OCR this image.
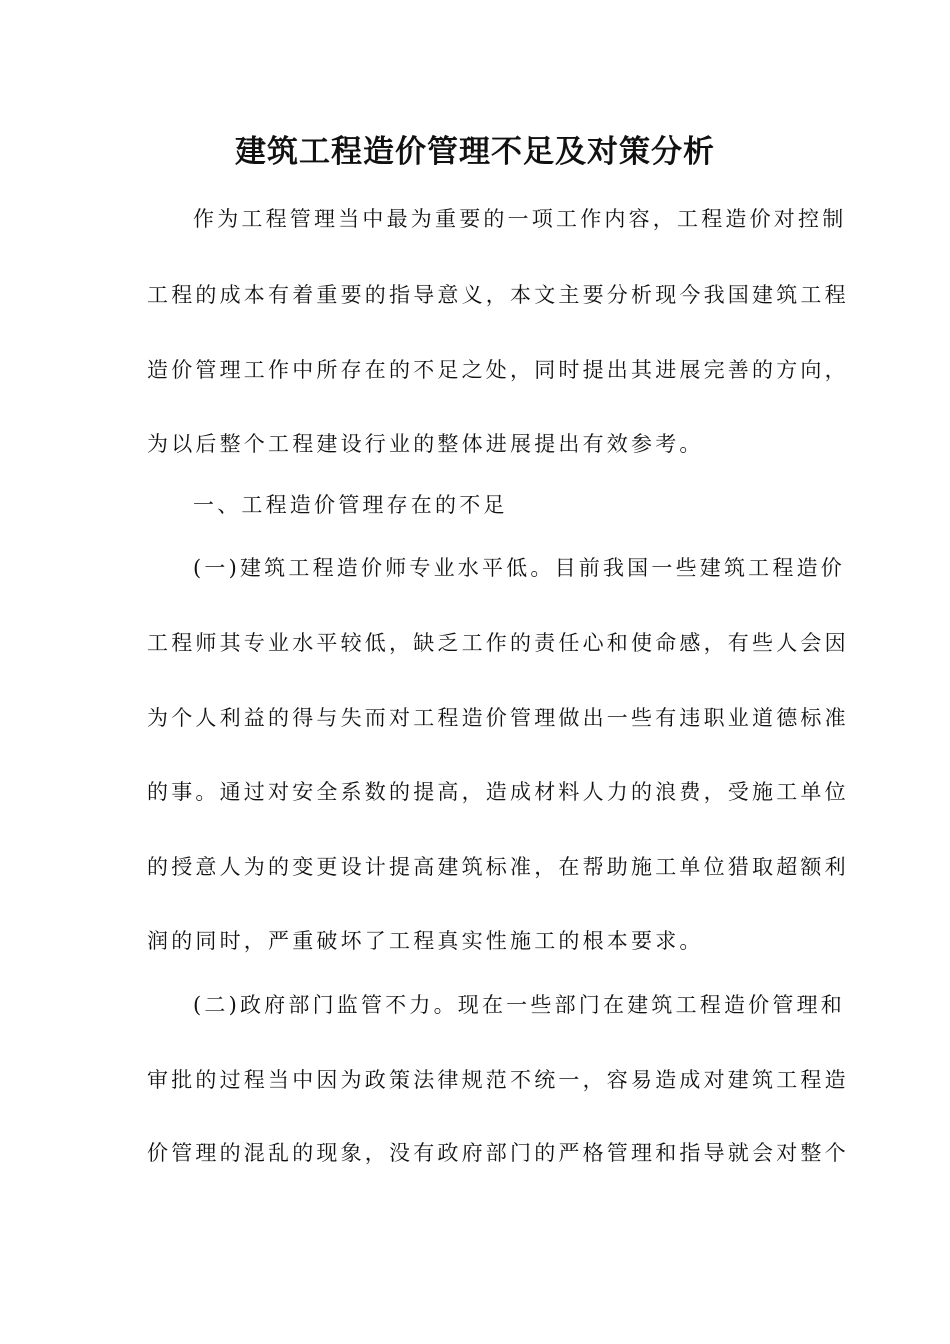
建筑工程造价管理不足及对策分析
作为工程管理当中最为重要的一项工作内容，工程造价对控制
工程的成本有着重要的指导意义，本文主要分析现今我国建筑工程
造价管理工作中所存在的不足之处，同时提出其进展完善的方向，
为以后整个工程建设行业的整体进展提出有效参考。
一、工程造价管理存在的不足
(一)建筑工程造价师专业水平低。目前我国一些建筑工程造价
工程师其专业水平较低，缺乏工作的责任心和使命感，有些人会因
为个人利益的得与失而对工程造价管理做出一些有违职业道德标准
的事。通过对安全系数的提高，造成材料人力的浪费，受施工单位
的授意人为的变更设计提高建筑标准，在帮助施工单位猎取超额利
润的同时，严重破坏了工程真实性施工的根本要求。
(二)政府部门监管不力。现在一些部门在建筑工程造价管理和
审批的过程当中因为政策法律规范不统一，容易造成对建筑工程造
价管理的混乱的现象，没有政府部门的严格管理和指导就会对整个
